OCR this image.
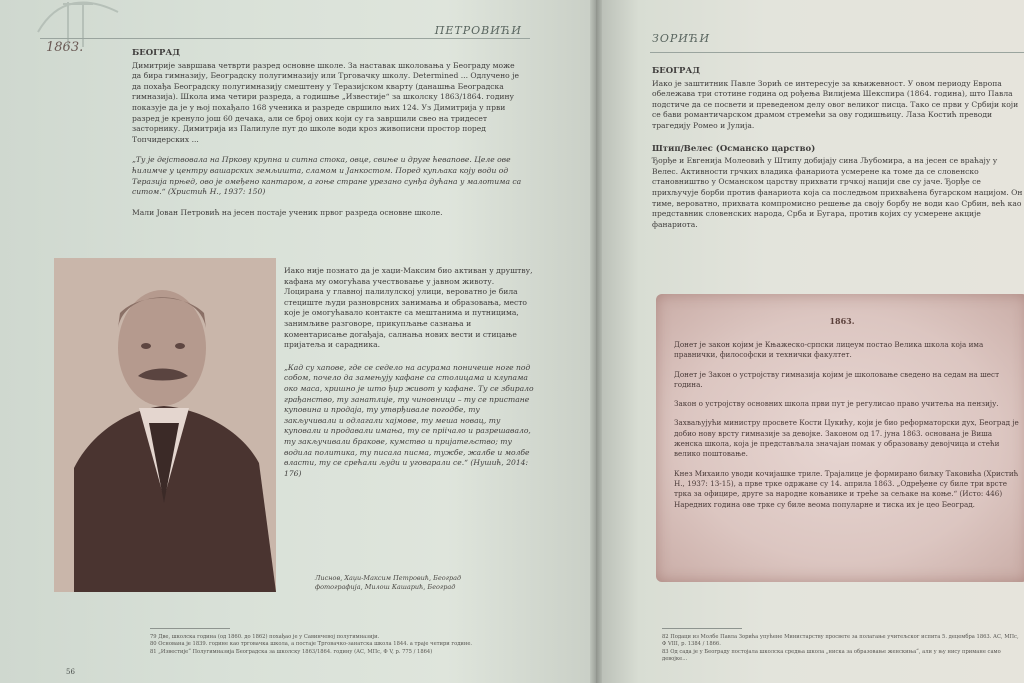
ПЕТРОВИЋИ
1863.	БЕОГРАД

Димитрије завршава четврти разред основне школе. За наставак школовања у Београду може да бира гимназију, Београдску полугимназију или Трговачку школу. Determined ... Одлучено је да похађа Београдску полугимназију смештену у Теразијском кварту (данашња Београдска гимназија). Школа има четири разреда, а годишње „Известије“ за школску 1863/1864. годину показује да је у њој похађало 168 ученика и разреде свршило њих 124. Уз Димитрија у први разред је кренуло још 60 дечака, али се број ових који су га завршили свео на тридесет засторнику. Димитрија из Палилуле пут до школе води кроз живописни простор поред Топчидерских ...

„Ту је дејствовала на Пркову крупна и ситна стока, овце, свиње и друге ћевапове. Целе ове ћилимче у центру вашарских земљишта, сламом и Јанкостом. Поред купљака коју води од Теразија прњед, ово је омеђено кантаром, а гоње стране урезано сунђа дућана у малотима са ситом.“ (Христић Н., 1937: 150)

Мали Јован Петровић на јесен постаје ученик првог разреда основне школе.

Иако није познато да је хаџи-Максим био активан у друштву, кафана му омогућава учествовање у јавном животу. Лоцирана у главној палилулској улици, вероватно је била стециште људи разноврсних занимања и образовања, место које је омогућавало контакте са мештанима и путницима, занимљиве разговоре, прикупљање сазнања и коментарисање догађаја, салнања нових вести и стицање пријатеља и сарадника.

„Кад су хапове, где се седело на асурама поничеше ноге под собом, почело да замењују кафане са столицама и клупама око маса, хришно је што ђир живот у кафане. Ту се збирало грађанство, ту занатлије, ту чиновници – ту се пристане куповина и продаја, ту утврђивале погодбе, ту закључивали и одлагали хајмове, ту меша новац, ту куповали и продавали имања, ту се пріічало и разрешавало, ту закључивали бракове, кумство и пријатељство; ту водила политика, ту писала писма, тужбе, жалбе и молбе власти, ту се срећали људи и уговарали се.“ (Нушић, 2014: 176)

Лиснов, Хаџи-Максим Петровић, Београд
фотографија, Милош Кашарић, Београд
79 Две, школска година (од 1860. до 1862) похађао је у Савинчевој полугимназији.
80 Основана је 1839. године као трговачка школа, а постаје Трговачко-занатска школа 1844. а траје четири године.
81 „Известије“ Полугимназија Београдска за школску 1863/1864. годину (АС, МПс, Ф V, р. 775 / 1864)
56
ЗОРИЋИ
БЕОГРАД

Иако је заштитник Павле Зорић се интересује за књижевност. У овом периоду Европа обележава три стотине година од рођења Вилијема Шекспира (1864. година), што Павла подстиче да се посвети и преведеном делу овог великог писца. Тако се први у Србији који се бави романтичарском драмом стремећи за ову годишњицу. Лаза Костић преводи трагедију Ромео и Јулија.

Штип/Велес (Османско царство)

Ђорђе и Евгенија Молеовић у Штипу добијају сина Љубомира, а на јесен се враћају у Велес. Активности грчких владика фанариота усмерене ка томе да се словенско становништво у Османском царству прихвати грчкој нацији све су јаче. Ђорђе се прихључује борби против фанариота која са последњом прихваћена бугарском нацијом. Он тиме, вероватно, прихвата компромисно решење да своју борбу не води као Србин, већ као представник словенских народа, Срба и Бугара, против којих су усмерене акције фанариота.

1863.

Донет је закон којим је Књажеско-српски лицеум постао Велика школа која има правнички, философски и технички факултет.

Донет је Закон о устројству гимназија којим је школовање сведено на седам на шест година.

Закон о устројству основних школа први пут је регулисао право учитеља на пензију.

Захваљујући министру просвете Кости Цукићу, који је био реформаторски дух, Београд је добио нову врсту гимназије за девојке. Законом од 17. јуна 1863. основана је Виша женска школа, која је представљала значајан помак у образовању девојчица и стећи велико поштовање.

Кнез Михаило уводи кочијашке триле. Трајалице је формирано биљку Таковића (Христић Н., 1937: 13-15), а прве трке одржане су 14. априла 1863. „Одређене су биле три врсте трка за официре, друге за народне коњанике и треће за сељаке на коње.“ (Исто: 446) Наредних година ове трке су биле веома популарне и тиска их је цео Београд.

82 Подаци из Молбе Павла Зорића упућене Министарству просвете за полагање учитељског испита 5. децембра 1863. АС, МПс, Ф VIII, р. 1384 / 1866.
83 Од сада је у Београду постојала школска средња школа „ниска за образовање женскиња“, али у њу нису примане само девојке...
